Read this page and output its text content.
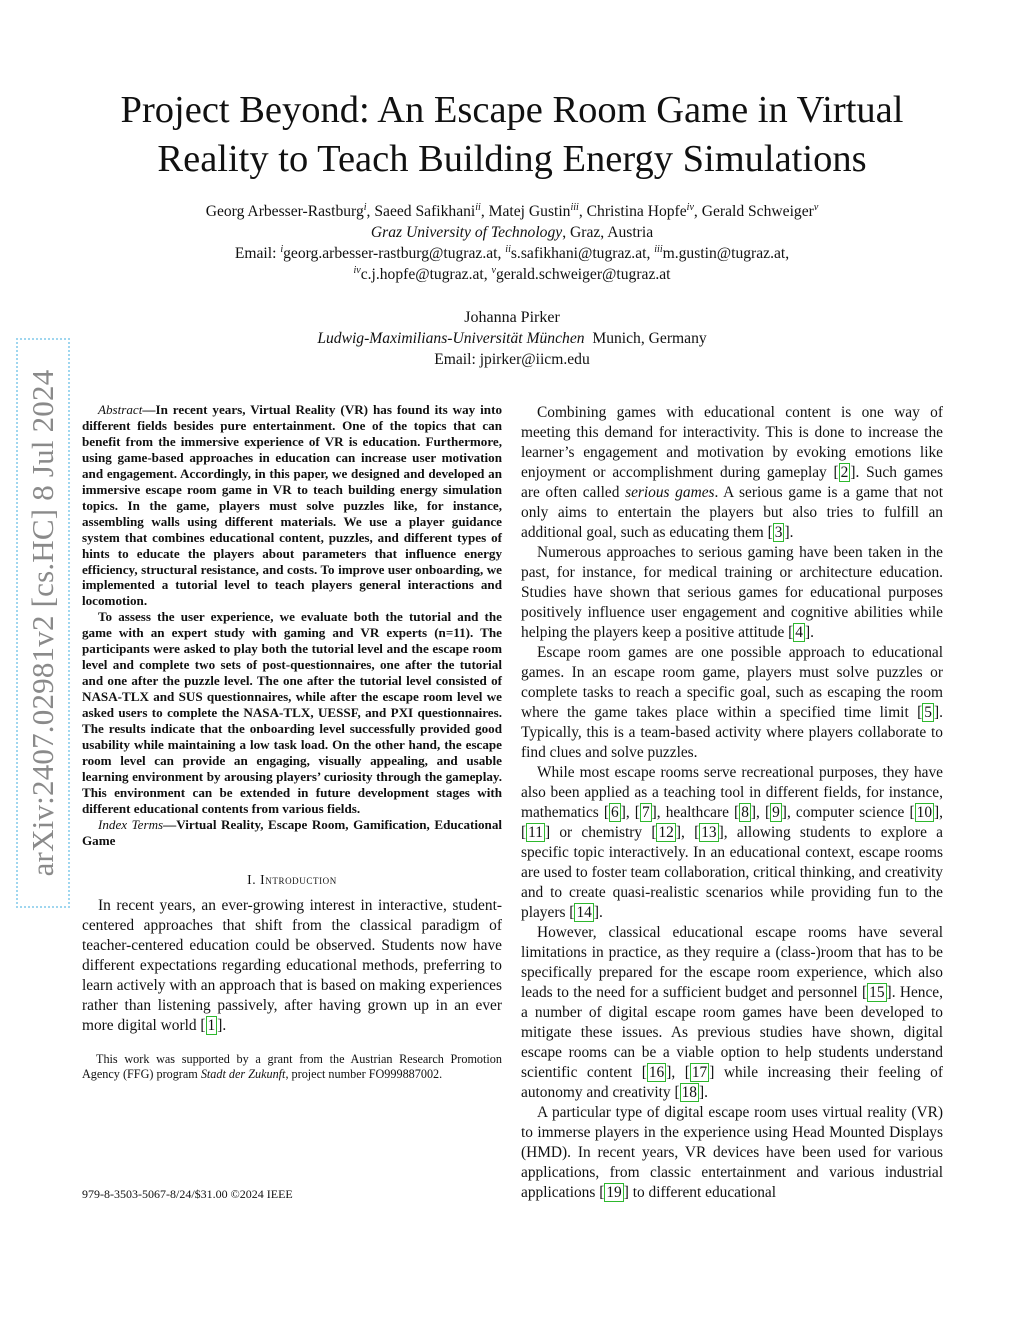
arXiv:2407.02981v2 [cs.HC] 8 Jul 2024
Project Beyond: An Escape Room Game in Virtual
Reality to Teach Building Energy Simulations
Georg Arbesser-Rastburg$^i$, Saeed Safikhani$^{ii}$, Matej Gustin$^{iii}$, Christina Hopfe$^{iv}$, Gerald Schweiger$^v$
Graz University of Technology, Graz, Austria
Email: $^i$georg.arbesser-rastburg@tugraz.at, $^{ii}$s.safikhani@tugraz.at, $^{iii}$m.gustin@tugraz.at,
$^{iv}$c.j.hopfe@tugraz.at, $^v$gerald.schweiger@tugraz.at
Johanna Pirker
Ludwig-Maximilians-Universität München  Munich, Germany
Email: jpirker@iicm.edu

Abstract—In recent years, Virtual Reality (VR) has found its way into different fields besides pure entertainment. One of the topics that can benefit from the immersive experience of VR is education. Furthermore, using game-based approaches in education can increase user motivation and engagement. Accordingly, in this paper, we designed and developed an immersive escape room game in VR to teach building energy simulation topics. In the game, players must solve puzzles like, for instance, assembling walls using different materials. We use a player guidance system that combines educational content, puzzles, and different types of hints to educate the players about parameters that influence energy efficiency, structural resistance, and costs. To improve user onboarding, we implemented a tutorial level to teach players general interactions and locomotion.

To assess the user experience, we evaluate both the tutorial and the game with an expert study with gaming and VR experts (n=11). The participants were asked to play both the tutorial level and the escape room level and complete two sets of post-questionnaires, one after the tutorial and one after the puzzle level. The one after the tutorial level consisted of NASA-TLX and SUS questionnaires, while after the escape room level we asked users to complete the NASA-TLX, UESSF, and PXI questionnaires. The results indicate that the onboarding level successfully provided good usability while maintaining a low task load. On the other hand, the escape room level can provide an engaging, visually appealing, and usable learning environment by arousing players’ curiosity through the gameplay. This environment can be extended in future development stages with different educational contents from various fields.

Index Terms—Virtual Reality, Escape Room, Gamification, Educational Game

I. Introduction

In recent years, an ever-growing interest in interactive, student-centered approaches that shift from the classical paradigm of teacher-centered education could be observed. Students now have different expectations regarding educational methods, preferring to learn actively with an approach that is based on making experiences rather than listening passively, after having grown up in an ever more digital world [ 1 ].

This work was supported by a grant from the Austrian Research Promotion Agency (FFG) program Stadt der Zukunft, project number FO999887002.
979-8-3503-5067-8/24/$31.00 ©2024 IEEE

Combining games with educational content is one way of meeting this demand for interactivity. This is done to increase the learner’s engagement and motivation by evoking emotions like enjoyment or accomplishment during gameplay [ 2 ]. Such games are often called serious games. A serious game is a game that not only aims to entertain the players but also tries to fulfill an additional goal, such as educating them [ 3 ].

Numerous approaches to serious gaming have been taken in the past, for instance, for medical training or architecture education. Studies have shown that serious games for educational purposes positively influence user engagement and cognitive abilities while helping the players keep a positive attitude [ 4 ].

Escape room games are one possible approach to educational games. In an escape room game, players must solve puzzles or complete tasks to reach a specific goal, such as escaping the room where the game takes place within a specified time limit [ 5 ]. Typically, this is a team-based activity where players collaborate to find clues and solve puzzles.

While most escape rooms serve recreational purposes, they have also been applied as a teaching tool in different fields, for instance, mathematics [ 6 ], [ 7 ], healthcare [ 8 ], [ 9 ], computer science [ 10 ], [ 11 ] or chemistry [ 12 ], [ 13 ], allowing students to explore a specific topic interactively. In an educational context, escape rooms are used to foster team collaboration, critical thinking, and creativity and to create quasi-realistic scenarios while providing fun to the players [ 14 ].

However, classical educational escape rooms have several limitations in practice, as they require a (class-)room that has to be specifically prepared for the escape room experience, which also leads to the need for a sufficient budget and personnel [ 15 ]. Hence, a number of digital escape room games have been developed to mitigate these issues. As previous studies have shown, digital escape rooms can be a viable option to help students understand scientific content [ 16 ], [ 17 ] while increasing their feeling of autonomy and creativity [ 18 ].

A particular type of digital escape room uses virtual reality (VR) to immerse players in the experience using Head Mounted Displays (HMD). In recent years, VR devices have been used for various applications, from classic entertainment and various industrial applications [ 19 ] to different educational
